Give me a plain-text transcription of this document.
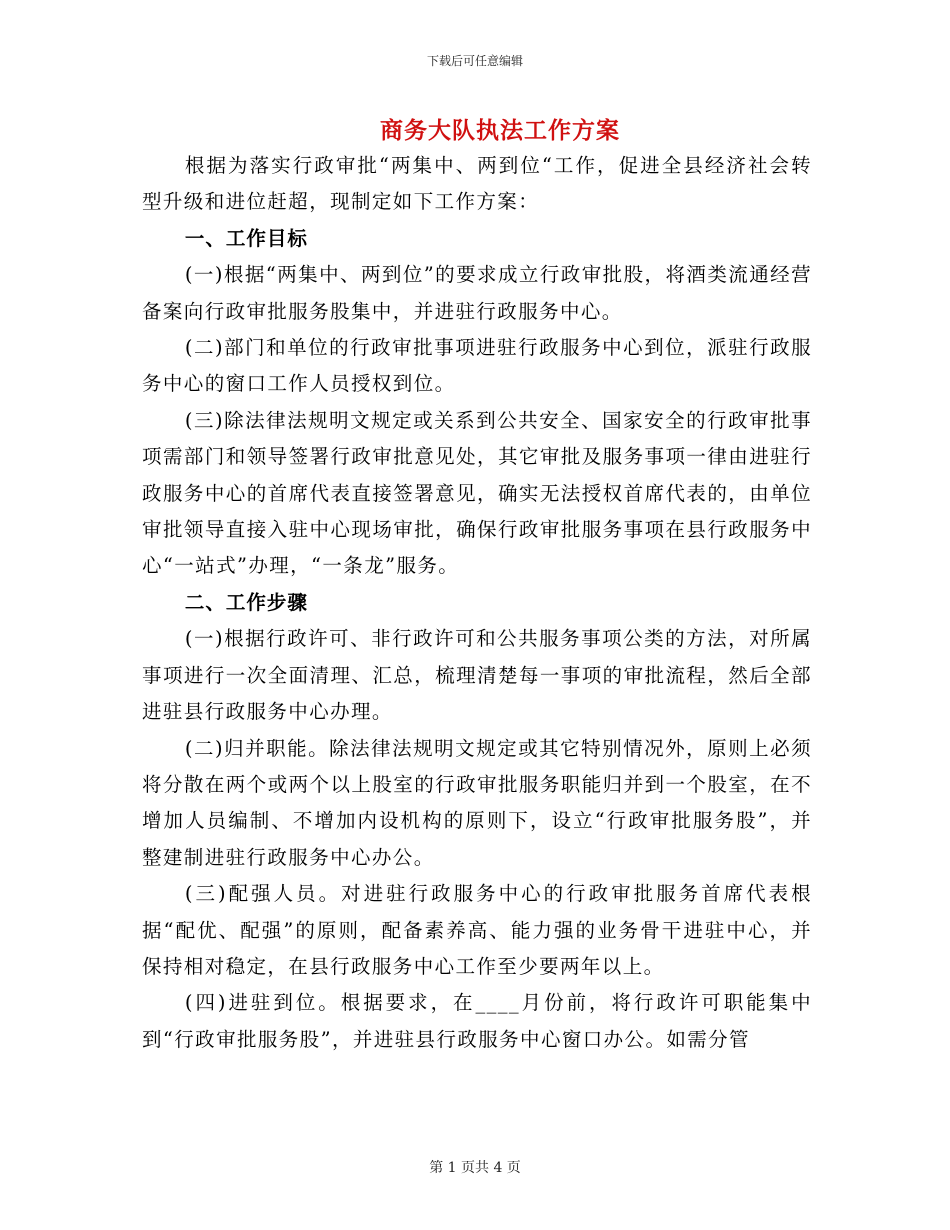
下载后可任意编辑
商务大队执法工作方案

根据为落实行政审批“两集中、两到位“工作，促进全县经济社会转型升级和进位赶超，现制定如下工作方案：

一、工作目标

(一)根据“两集中、两到位”的要求成立行政审批股，将酒类流通经营备案向行政审批服务股集中，并进驻行政服务中心。

(二)部门和单位的行政审批事项进驻行政服务中心到位，派驻行政服务中心的窗口工作人员授权到位。

(三)除法律法规明文规定或关系到公共安全、国家安全的行政审批事项需部门和领导签署行政审批意见处，其它审批及服务事项一律由进驻行政服务中心的首席代表直接签署意见，确实无法授权首席代表的，由单位审批领导直接入驻中心现场审批，确保行政审批服务事项在县行政服务中心“一站式”办理，“一条龙”服务。

二、工作步骤

(一)根据行政许可、非行政许可和公共服务事项公类的方法，对所属事项进行一次全面清理、汇总，梳理清楚每一事项的审批流程，然后全部进驻县行政服务中心办理。

(二)归并职能。除法律法规明文规定或其它特别情况外，原则上必须将分散在两个或两个以上股室的行政审批服务职能归并到一个股室，在不增加人员编制、不增加内设机构的原则下，设立“行政审批服务股”，并整建制进驻行政服务中心办公。

(三)配强人员。对进驻行政服务中心的行政审批服务首席代表根据“配优、配强”的原则，配备素养高、能力强的业务骨干进驻中心，并保持相对稳定，在县行政服务中心工作至少要两年以上。

(四)进驻到位。根据要求，在____月份前，将行政许可职能集中到“行政审批服务股”，并进驻县行政服务中心窗口办公。如需分管

第 1 页共 4 页
